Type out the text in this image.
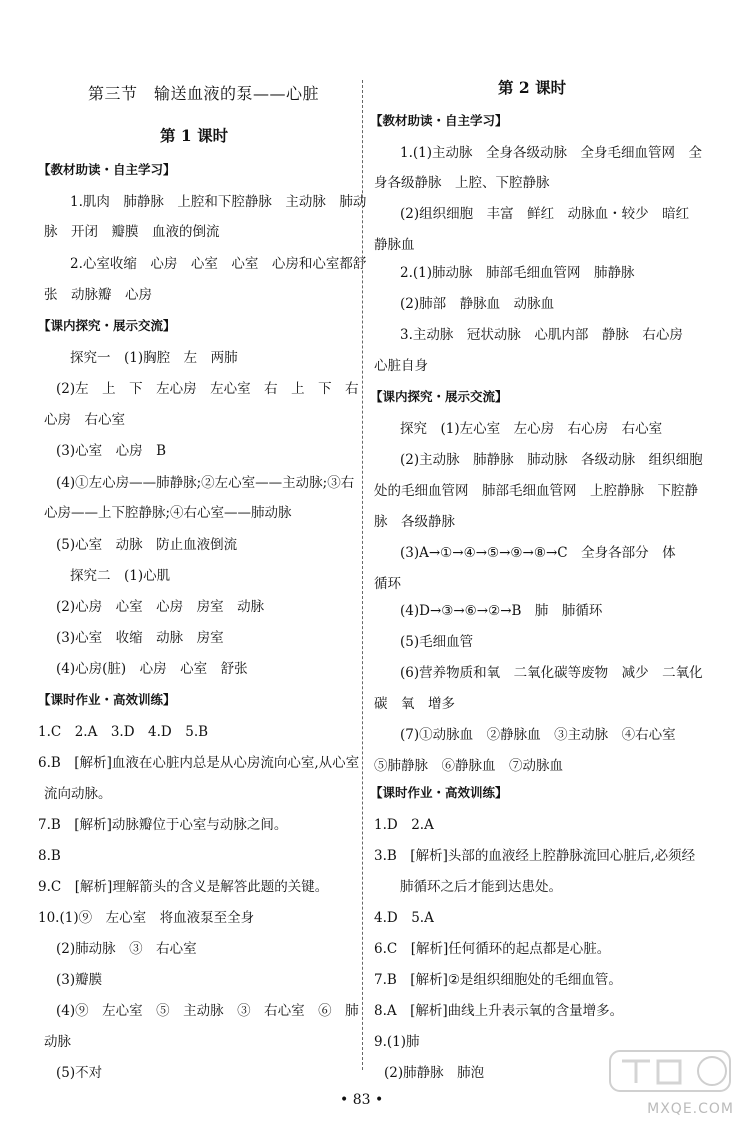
第三节　输送血液的泵——心脏
第 1 课时
【教材助读・自主学习】
1.肌肉　肺静脉　上腔和下腔静脉　主动脉　肺动
脉　开闭　瓣膜　血液的倒流
2.心室收缩　心房　心室　心室　心房和心室都舒
张　动脉瓣　心房
【课内探究・展示交流】
探究一　(1)胸腔　左　两肺
(2)左　上　下　左心房　左心室　右　上　下　右
心房　右心室
(3)心室　心房　B
(4)①左心房——肺静脉;②左心室——主动脉;③右
心房——上下腔静脉;④右心室——肺动脉
(5)心室　动脉　防止血液倒流
探究二　(1)心肌
(2)心房　心室　心房　房室　动脉
(3)心室　收缩　动脉　房室
(4)心房(脏)　心房　心室　舒张
【课时作业・高效训练】
1.C　2.A　3.D　4.D　5.B
6.B　[解析]血液在心脏内总是从心房流向心室,从心室
流向动脉。
7.B　[解析]动脉瓣位于心室与动脉之间。
8.B
9.C　[解析]理解箭头的含义是解答此题的关键。
10.(1)⑨　左心室　将血液泵至全身
(2)肺动脉　③　右心室
(3)瓣膜
(4)⑨　左心室　⑤　主动脉　③　右心室　⑥　肺
动脉
(5)不对
第 2 课时
【教材助读・自主学习】
1.(1)主动脉　全身各级动脉　全身毛细血管网　全
身各级静脉　上腔、下腔静脉
(2)组织细胞　丰富　鲜红　动脉血・较少　暗红
静脉血
2.(1)肺动脉　肺部毛细血管网　肺静脉
(2)肺部　静脉血　动脉血
3.主动脉　冠状动脉　心肌内部　静脉　右心房
心脏自身
【课内探究・展示交流】
探究　(1)左心室　左心房　右心房　右心室
(2)主动脉　肺静脉　肺动脉　各级动脉　组织细胞
处的毛细血管网　肺部毛细血管网　上腔静脉　下腔静
脉　各级静脉
(3)A→①→④→⑤→⑨→⑧→C　全身各部分　体
循环
(4)D→③→⑥→②→B　肺　肺循环
(5)毛细血管
(6)营养物质和氧　二氧化碳等废物　减少　二氧化
碳　氧　增多
(7)①动脉血　②静脉血　③主动脉　④右心室
⑤肺静脉　⑥静脉血　⑦动脉血
【课时作业・高效训练】
1.D　2.A
3.B　[解析]头部的血液经上腔静脉流回心脏后,必须经
肺循环之后才能到达患处。
4.D　5.A
6.C　[解析]任何循环的起点都是心脏。
7.B　[解析]②是组织细胞处的毛细血管。
8.A　[解析]曲线上升表示氧的含量增多。
9.(1)肺
(2)肺静脉　肺泡
• 83 •
MXQE.COM
